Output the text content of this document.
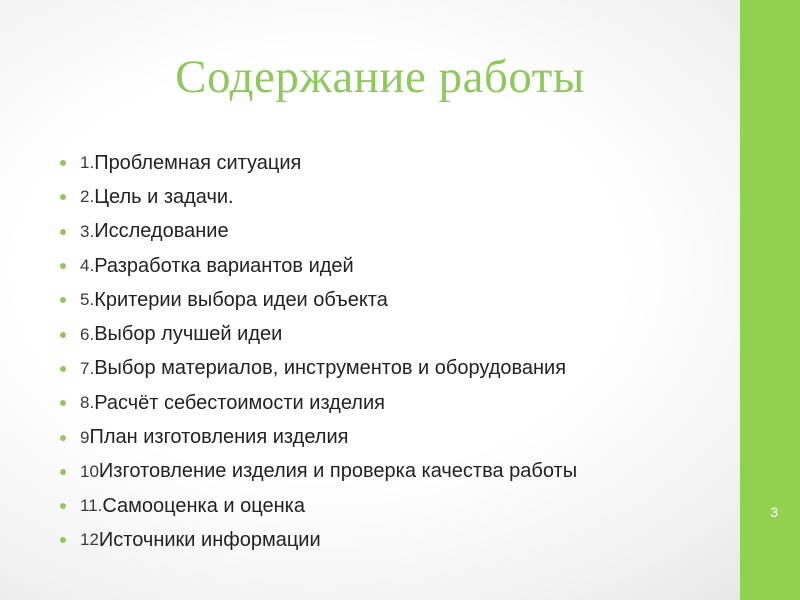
Содержание работы
1. Проблемная ситуация
2. Цель и задачи.
3. Исследование
4. Разработка вариантов идей
5. Критерии выбора идеи объекта
6. Выбор лучшей идеи
7. Выбор материалов, инструментов и оборудования
8. Расчёт себестоимости изделия
9 План изготовления изделия
10 Изготовление изделия и проверка качества работы
11. Самооценка и оценка
12 Источники информации
3
